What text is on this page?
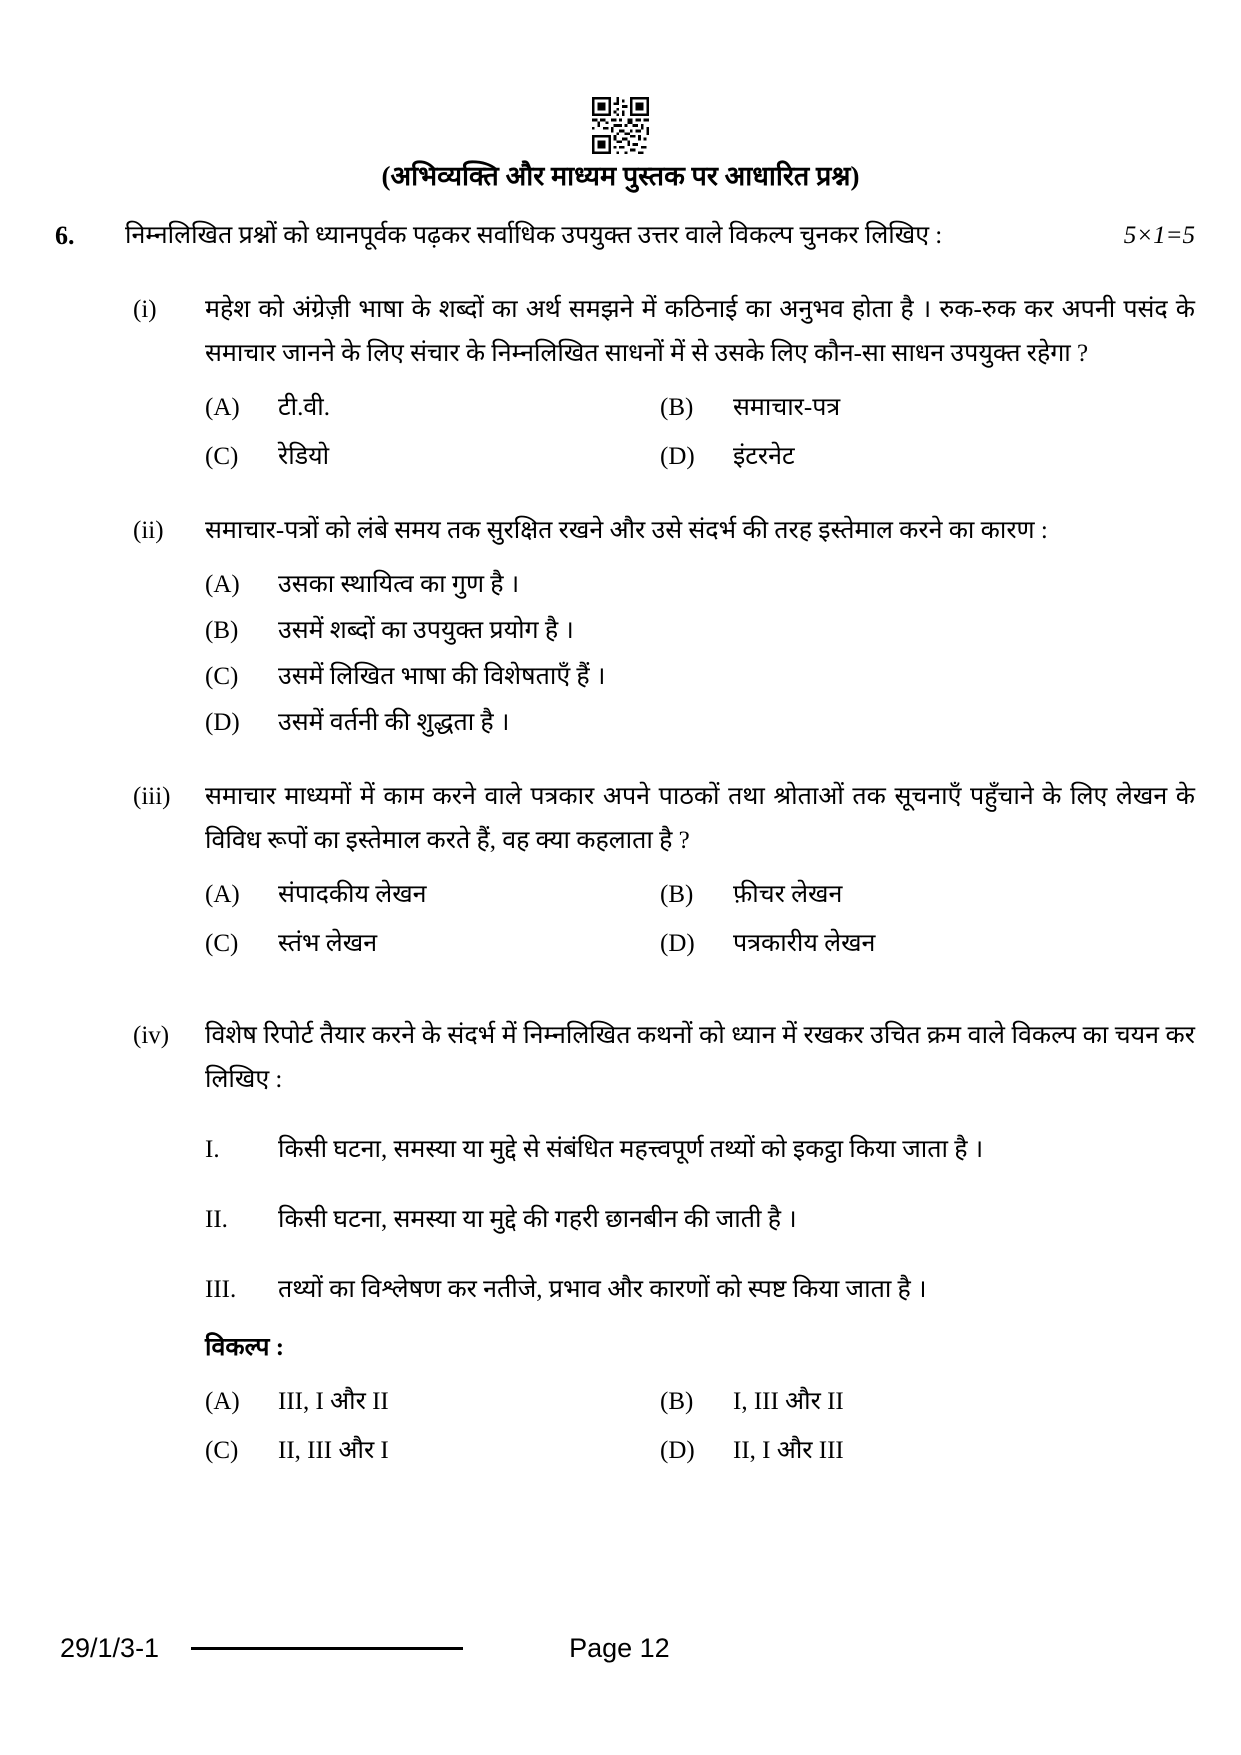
(अभिव्यक्ति और माध्यम पुस्तक पर आधारित प्रश्न)
6.	निम्नलिखित प्रश्नों को ध्यानपूर्वक पढ़कर सर्वाधिक उपयुक्त उत्तर वाले विकल्प चुनकर लिखिए :	5×1=5
(i)	महेश को अंग्रेज़ी भाषा के शब्दों का अर्थ समझने में कठिनाई का अनुभव होता है । रुक-रुक कर अपनी पसंद के समाचार जानने के लिए संचार के निम्नलिखित साधनों में से उसके लिए कौन-सा साधन उपयुक्त रहेगा ?

(A)	टी.वी.	(B)	समाचार-पत्र
(C)	रेडियो	(D)	इंटरनेट
(ii)	समाचार-पत्रों को लंबे समय तक सुरक्षित रखने और उसे संदर्भ की तरह इस्तेमाल करने का कारण :

(A)	उसका स्थायित्व का गुण है ।
(B)	उसमें शब्दों का उपयुक्त प्रयोग है ।
(C)	उसमें लिखित भाषा की विशेषताएँ हैं ।
(D)	उसमें वर्तनी की शुद्धता है ।
(iii)	समाचार माध्यमों में काम करने वाले पत्रकार अपने पाठकों तथा श्रोताओं तक सूचनाएँ पहुँचाने के लिए लेखन के विविध रूपों का इस्तेमाल करते हैं, वह क्या कहलाता है ?

(A)	संपादकीय लेखन	(B)	फ़ीचर लेखन
(C)	स्तंभ लेखन	(D)	पत्रकारीय लेखन
(iv)	विशेष रिपोर्ट तैयार करने के संदर्भ में निम्नलिखित कथनों को ध्यान में रखकर उचित क्रम वाले विकल्प का चयन कर लिखिए :

I.	किसी घटना, समस्या या मुद्दे से संबंधित महत्त्वपूर्ण तथ्यों को इकट्ठा किया जाता है ।
II.	किसी घटना, समस्या या मुद्दे की गहरी छानबीन की जाती है ।
III.	तथ्यों का विश्लेषण कर नतीजे, प्रभाव और कारणों को स्पष्ट किया जाता है ।
विकल्प :
(A)	III, I और II	(B)	I, III और II
(C)	II, III और I	(D)	II, I और III
29/1/3-1	Page 12
